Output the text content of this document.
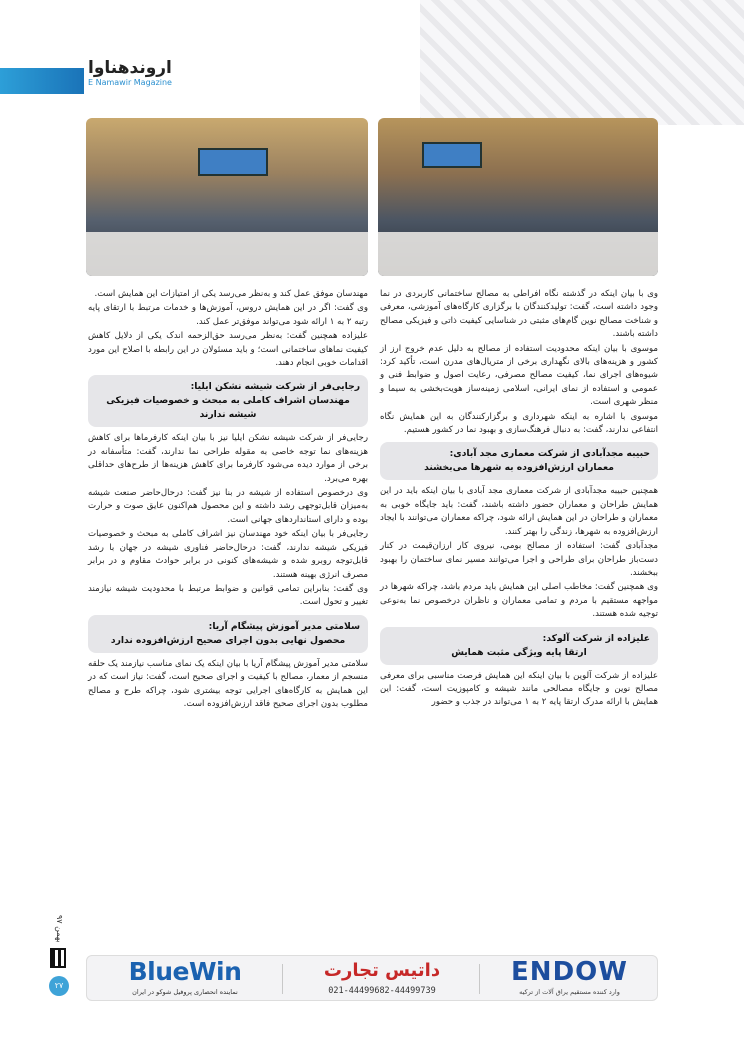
اروندهناوا
E Namawir Magazine

وی با بیان اینکه در گذشته نگاه افراطی به مصالح ساختمانی کاربردی در نما وجود داشته است، گفت: تولیدکنندگان با برگزاری کارگاه‌های آموزشی، معرفی و شناخت مصالح نوین گام‌های مثبتی در شناسایی کیفیت ذاتی و فیزیکی مصالح داشته باشند.

موسوی با بیان اینکه محدودیت استفاده از مصالح به دلیل عدم خروج ارز از کشور و هزینه‌های بالای نگهداری برخی از متریال‌های مدرن است، تأکید کرد: شیوه‌های اجرای نما، کیفیت مصالح مصرفی، رعایت اصول و ضوابط فنی و عمومی و استفاده از نمای ایرانی، اسلامی زمینه‌ساز هویت‌بخشی به سیما و منظر شهری است.

موسوی با اشاره به اینکه شهرداری و برگزارکنندگان به این همایش نگاه انتفاعی ندارند، گفت: به دنبال فرهنگ‌سازی و بهبود نما در کشور هستیم.

حبیبه مجدآبادی از شرکت معماری مجد آبادی:
معماران ارزش‌افزوده به شهرها می‌بخشند

همچنین حبیبه مجدآبادی از شرکت معماری مجد آبادی با بیان اینکه باید در این همایش طراحان و معماران حضور داشته باشند، گفت: باید جایگاه خوبی به معماران و طراحان در این همایش ارائه شود، چراکه معماران می‌توانند با ایجاد ارزش‌افزوده به شهرها، زندگی را بهتر کنند.

مجدآبادی گفت: استفاده از مصالح بومی، نیروی کار ارزان‌قیمت در کنار دست‌باز طراحان برای طراحی و اجرا می‌توانند مسیر نمای ساختمان را بهبود ببخشند.

وی همچنین گفت: مخاطب اصلی این همایش باید مردم باشد، چراکه شهرها در مواجهه مستقیم با مردم و تمامی معماران و ناظران درخصوص نما به‌نوعی توجیه شده هستند.

علیزاده از شرکت آلوکد:
ارتقا پایه ویژگی مثبت همایش

علیزاده از شرکت آلوین با بیان اینکه این همایش فرصت مناسبی برای معرفی مصالح نوین و جایگاه مصالحی مانند شیشه و کامپوزیت است، گفت: این همایش با ارائه مدرک ارتقا پایه ۲ به ۱ می‌تواند در جذب و حضور

مهندسان موفق عمل کند و به‌نظر می‌رسد یکی از امتیازات این همایش است.

وی گفت: اگر در این همایش دروس، آموزش‌ها و خدمات مرتبط با ارتقای پایه رتبه ۲ به ۱ ارائه شود می‌تواند موفق‌تر عمل کند.

علیزاده همچنین گفت: به‌نظر می‌رسد حق‌الزحمه اندک یکی از دلایل کاهش کیفیت نماهای ساختمانی است؛ و باید مسئولان در این رابطه با اصلاح این مورد اقدامات خوبی انجام دهند.

رجایی‌فر از شرکت شیشه نشکن ایلیا:
مهندسان اشراف کاملی به مبحث و خصوصیات فیزیکی شیشه ندارند

رجایی‌فر از شرکت شیشه نشکن ایلیا نیز با بیان اینکه کارفرماها برای کاهش هزینه‌های نما توجه خاصی به مقوله طراحی نما ندارند، گفت: متأسفانه در برخی از موارد دیده می‌شود کارفرما برای کاهش هزینه‌ها از طرح‌های حداقلی بهره می‌برد.

وی درخصوص استفاده از شیشه در بنا نیز گفت: درحال‌حاضر صنعت شیشه به‌میزان قابل‌توجهی رشد داشته و این محصول هم‌اکنون عایق صوت و حرارت بوده و دارای استانداردهای جهانی است.

رجایی‌فر با بیان اینکه خود مهندسان نیز اشراف کاملی به مبحث و خصوصیات فیزیکی شیشه ندارند، گفت: درحال‌حاضر فناوری شیشه در جهان با رشد قابل‌توجه روبرو شده و شیشه‌های کنونی در برابر حوادث مقاوم و در برابر مصرف انرژی بهینه هستند.

وی گفت: بنابراین تمامی قوانین و ضوابط مرتبط با محدودیت شیشه نیازمند تغییر و تحول است.

سلامتی مدیر آموزش پیشگام آریا:
محصول نهایی بدون اجرای صحیح ارزش‌افزوده ندارد

سلامتی مدیر آموزش پیشگام آریا با بیان اینکه یک نمای مناسب نیازمند یک حلقه منسجم از معمار، مصالح با کیفیت و اجرای صحیح است، گفت: نیاز است که در این همایش به کارگاه‌های اجرایی توجه بیشتری شود، چراکه طرح و مصالح مطلوب بدون اجرای صحیح فاقد ارزش‌افزوده است.

بهمن ۹۷
۲۷	BlueWin
نماینده انحصاری پروفیل شوکو در ایران
داتیس تجارت
021-44499682-44499739
ENDOW
وارد کننده مستقیم یراق آلات از ترکیه
